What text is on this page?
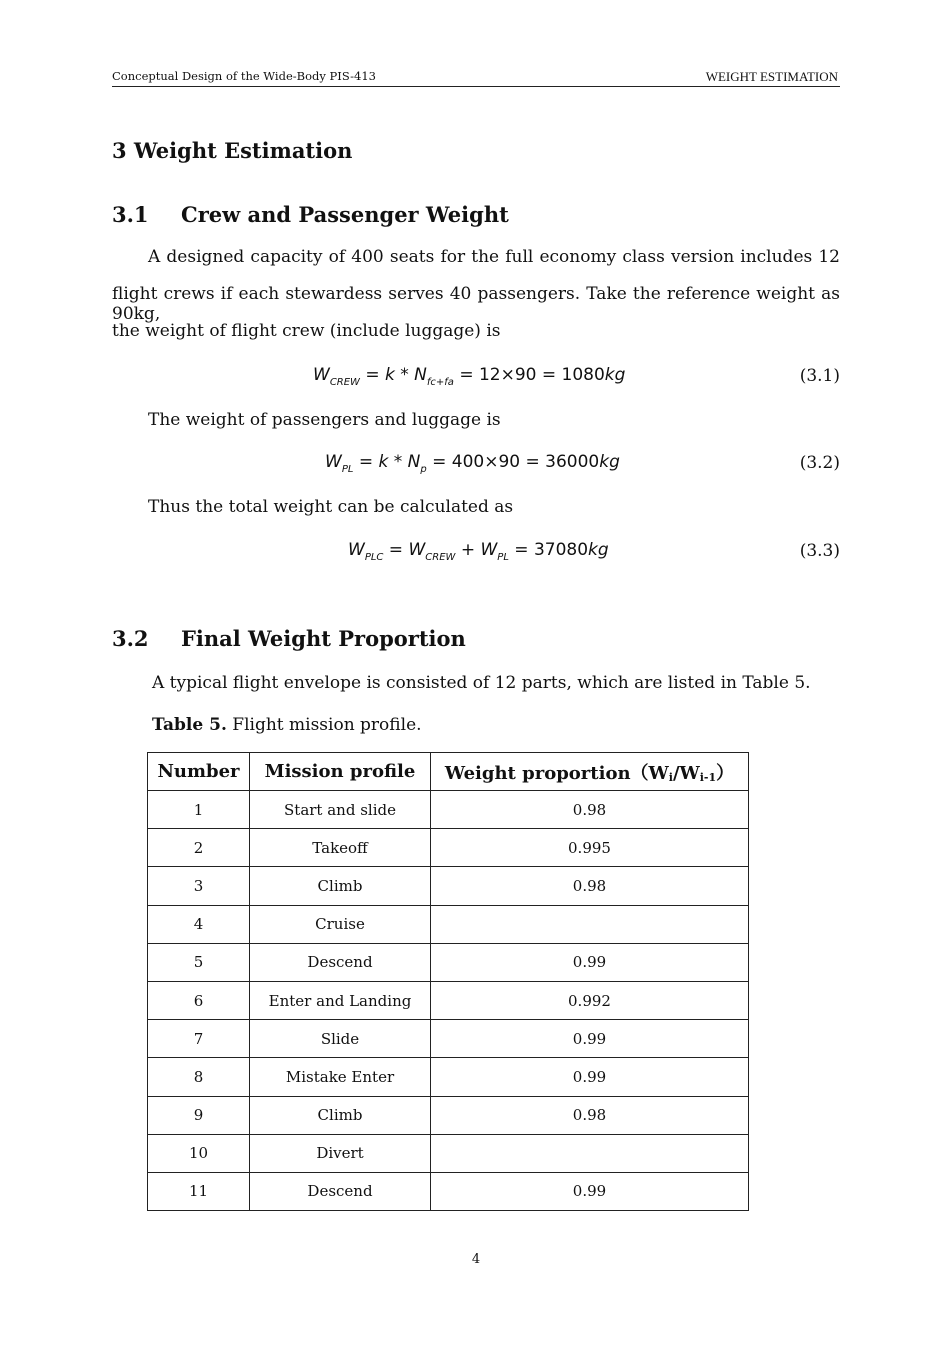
Conceptual Design of the Wide-Body PIS-413	WEIGHT ESTIMATION
3 Weight Estimation
3.1 Crew and Passenger Weight
A designed capacity of 400 seats for the full economy class version includes 12
flight crews if each stewardess serves 40 passengers. Take the reference weight as 90kg,
the weight of flight crew (include luggage) is
$W_{CREW} = k * N_{fc+fa} = 12\times 90 = 1080kg$	(3.1)
The weight of passengers and luggage is
$W_{PL} = k * N_p = 400\times 90 = 36000kg$	(3.2)
Thus the total weight can be calculated as
$W_{PLC} = W_{CREW} + W_{PL} = 37080kg$	(3.3)
3.2 Final Weight Proportion
A typical flight envelope is consisted of 12 parts, which are listed in Table 5.
Table 5. Flight mission profile.
Number	Mission profile	Weight $proportion(W_i/W_{i-1})$
1	Start and slide	0.98
2	Takeoff	0.995
3	Climb	0.98
4	Cruise	
5	Descend	0.99
6	Enter and Landing	0.992
7	Slide	0.99
8	Mistake Enter	0.99
9	Climb	0.98
10	Divert	
11	Descend	0.99
4
